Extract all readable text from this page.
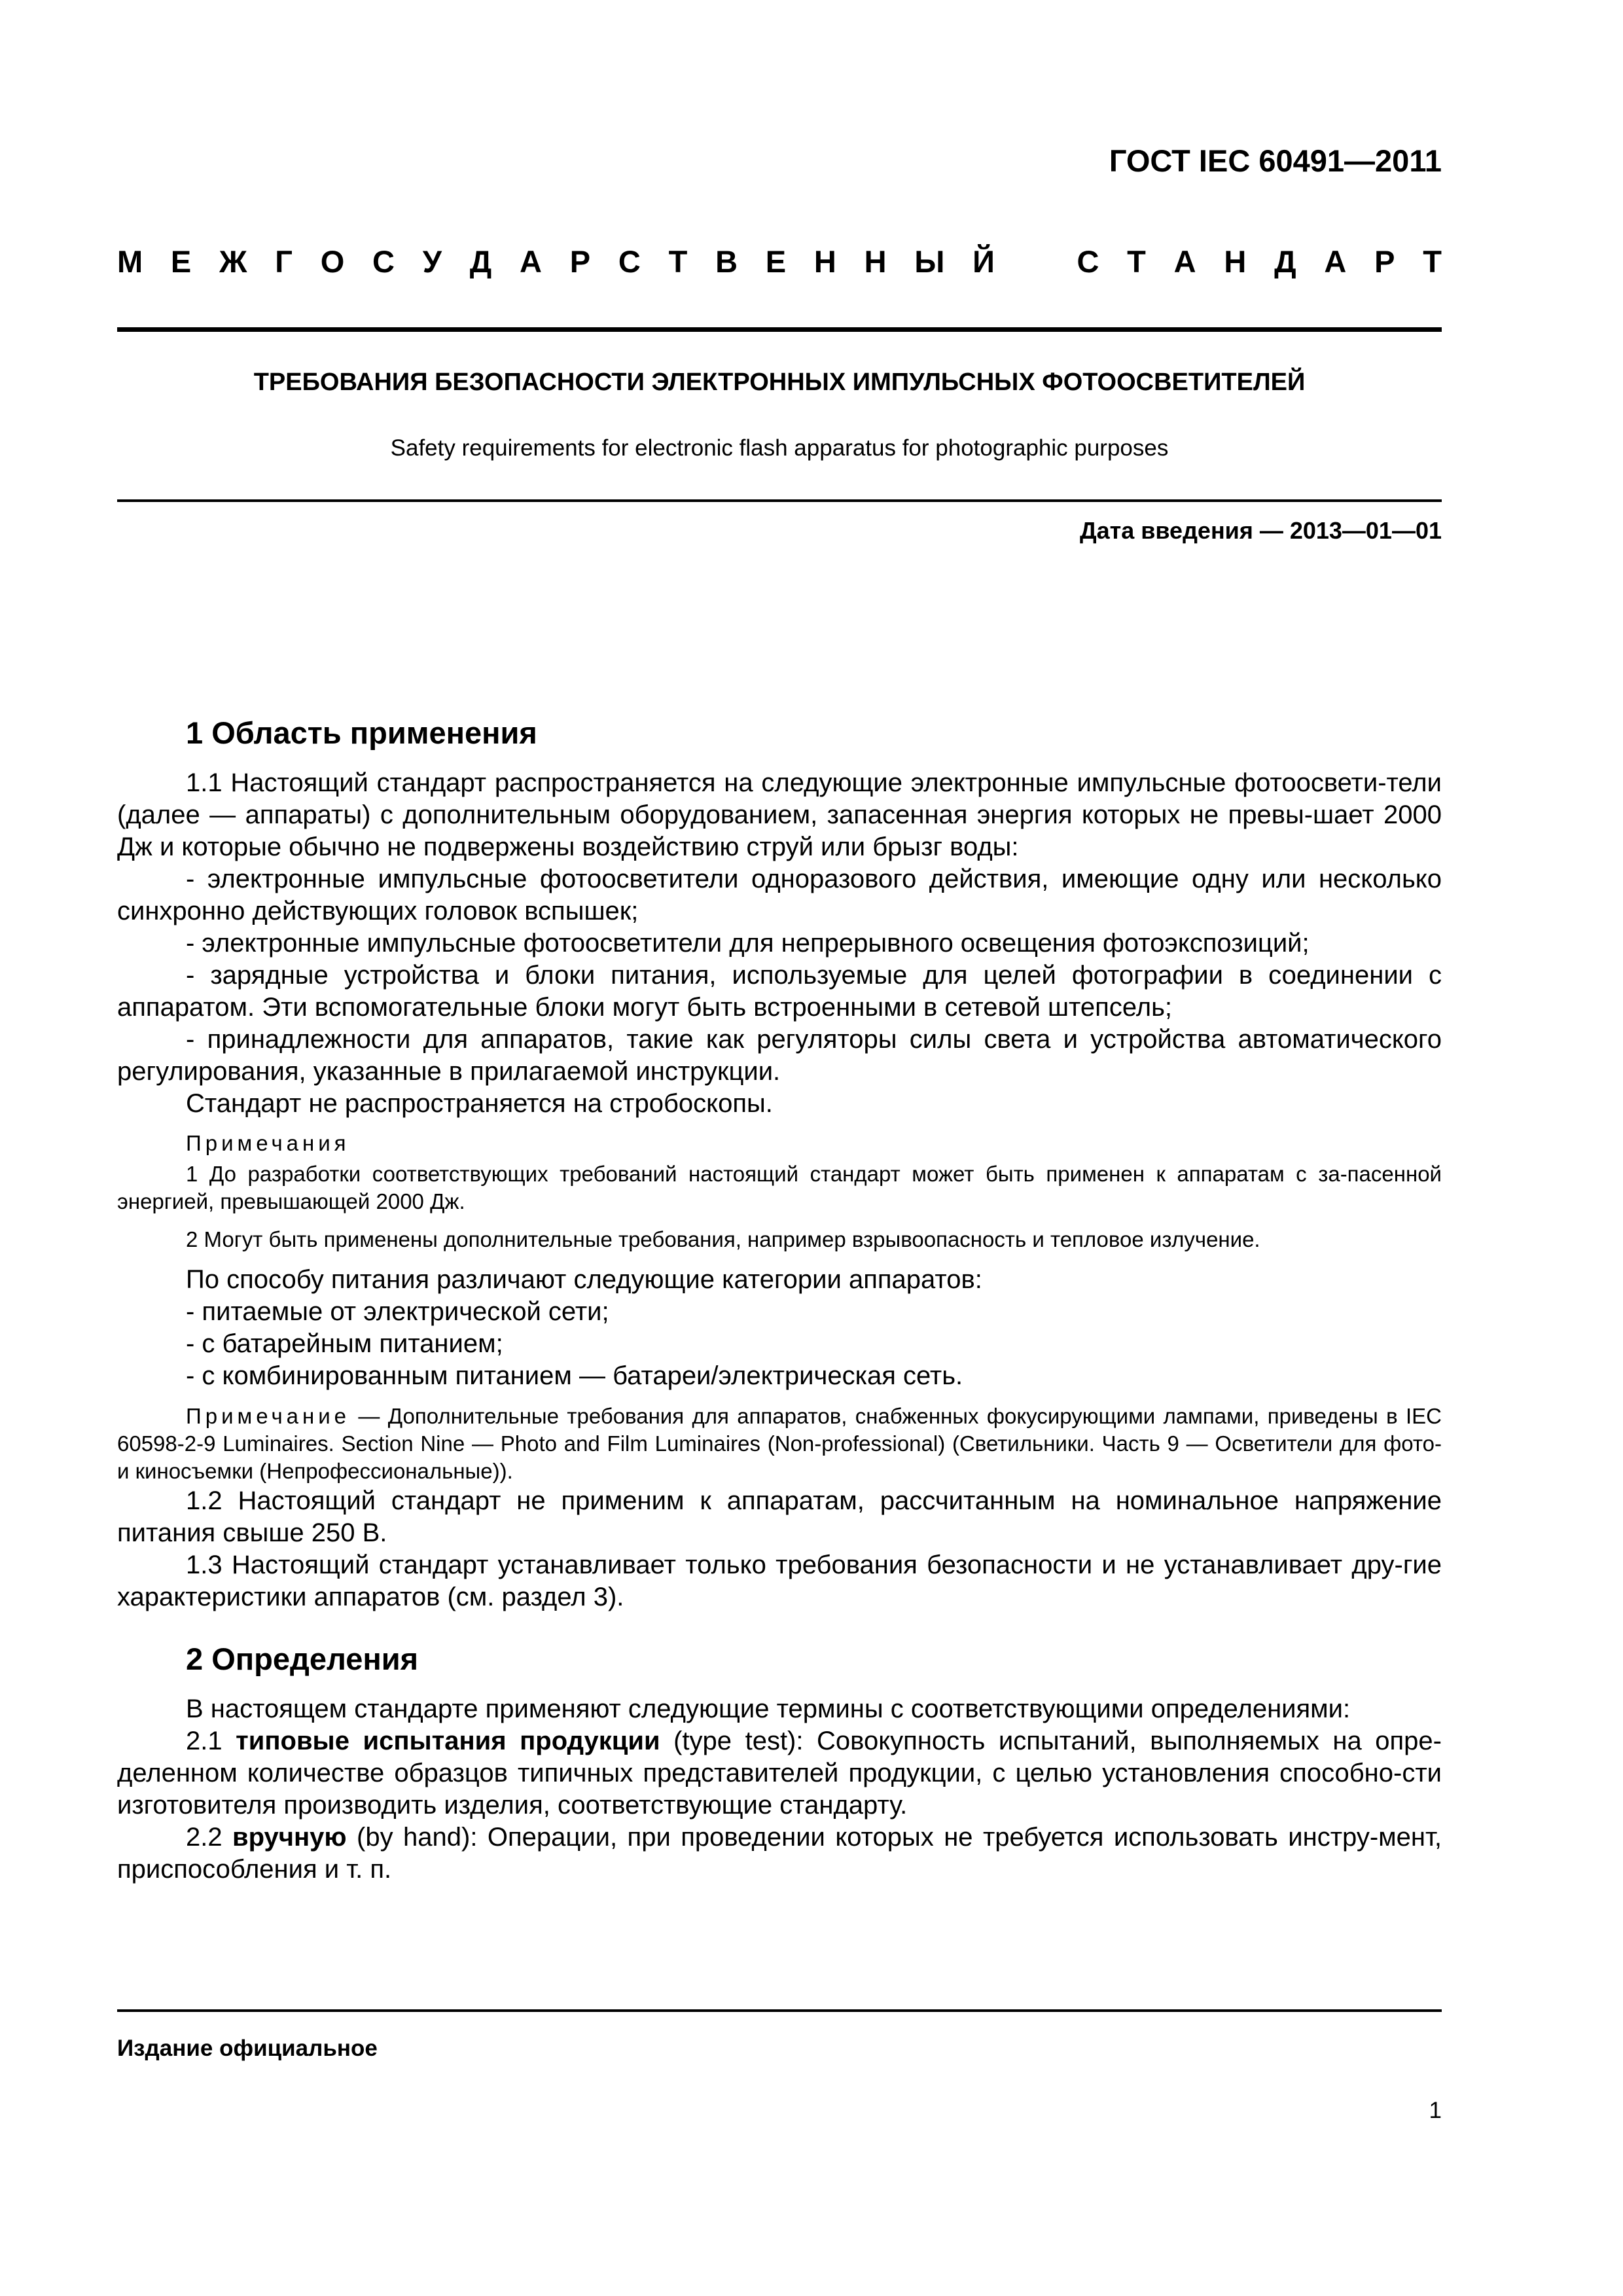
ГОСТ IEC 60491—2011
М Е Ж Г О С У Д А Р С Т В Е Н Н Ы Й	С Т А Н Д А Р Т
ТРЕБОВАНИЯ БЕЗОПАСНОСТИ ЭЛЕКТРОННЫХ ИМПУЛЬСНЫХ ФОТООСВЕТИТЕЛЕЙ
Safety requirements for electronic flash apparatus for photographic purposes
Дата введения — 2013—01—01
1 Область применения

1.1 Настоящий стандарт распространяется на следующие электронные импульсные фотоосвети-тели (далее — аппараты) с дополнительным оборудованием, запасенная энергия которых не превы-шает 2000 Дж и которые обычно не подвержены воздействию струй или брызг воды:

- электронные импульсные фотоосветители одноразового действия, имеющие одну или несколько синхронно действующих головок вспышек;

- электронные импульсные фотоосветители для непрерывного освещения фотоэкспозиций;

- зарядные устройства и блоки питания, используемые для целей фотографии в соединении с аппаратом. Эти вспомогательные блоки могут быть встроенными в сетевой штепсель;

- принадлежности для аппаратов, такие как регуляторы силы света и устройства автоматического регулирования, указанные в прилагаемой инструкции.

Стандарт не распространяется на стробоскопы.

Примечания

1 До разработки соответствующих требований настоящий стандарт может быть применен к аппаратам с за-пасенной энергией, превышающей 2000 Дж.

2 Могут быть применены дополнительные требования, например взрывоопасность и тепловое излучение.

По способу питания различают следующие категории аппаратов:

- питаемые от электрической сети;

- с батарейным питанием;

- с комбинированным питанием — батареи/электрическая сеть.

Примечание — Дополнительные требования для аппаратов, снабженных фокусирующими лампами, приведены в IEC 60598-2-9 Luminaires. Section Nine — Photo and Film Luminaires (Non-professional) (Светильники. Часть 9 — Осветители для фото- и киносъемки (Непрофессиональные)).

1.2 Настоящий стандарт не применим к аппаратам, рассчитанным на номинальное напряжение питания свыше 250 В.

1.3 Настоящий стандарт устанавливает только требования безопасности и не устанавливает дру-гие характеристики аппаратов (см. раздел 3).

2 Определения

В настоящем стандарте применяют следующие термины с соответствующими определениями:

2.1 типовые испытания продукции (type test): Совокупность испытаний, выполняемых на опре-деленном количестве образцов типичных представителей продукции, с целью установления способно-сти изготовителя производить изделия, соответствующие стандарту.

2.2 вручную (by hand): Операции, при проведении которых не требуется использовать инстру-мент, приспособления и т. п.

Издание официальное
1
